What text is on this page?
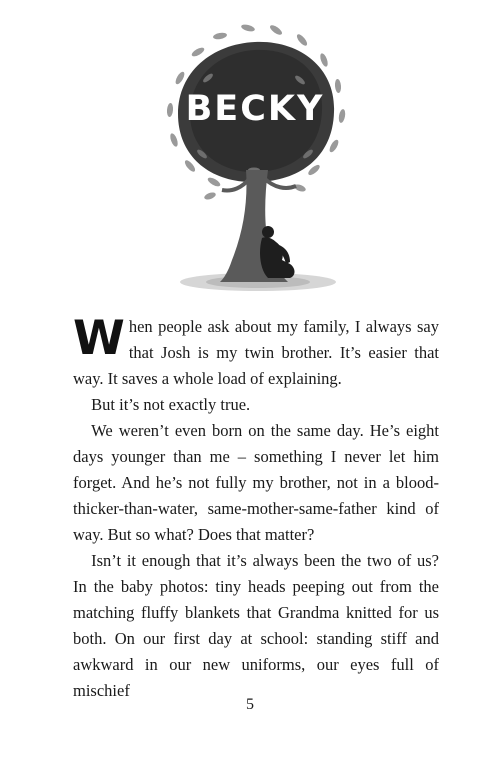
BECKY

When people ask about my family, I always say that Josh is my twin brother. It’s easier that way. It saves a whole load of explaining.

But it’s not exactly true.

We weren’t even born on the same day. He’s eight days younger than me – something I never let him forget. And he’s not fully my brother, not in a blood-thicker-than-water, same-mother-same-father kind of way. But so what? Does that matter?

Isn’t it enough that it’s always been the two of us? In the baby photos: tiny heads peeping out from the matching fluffy blankets that Grandma knitted for us both. On our first day at school: standing stiff and awkward in our new uniforms, our eyes full of mischief

5
